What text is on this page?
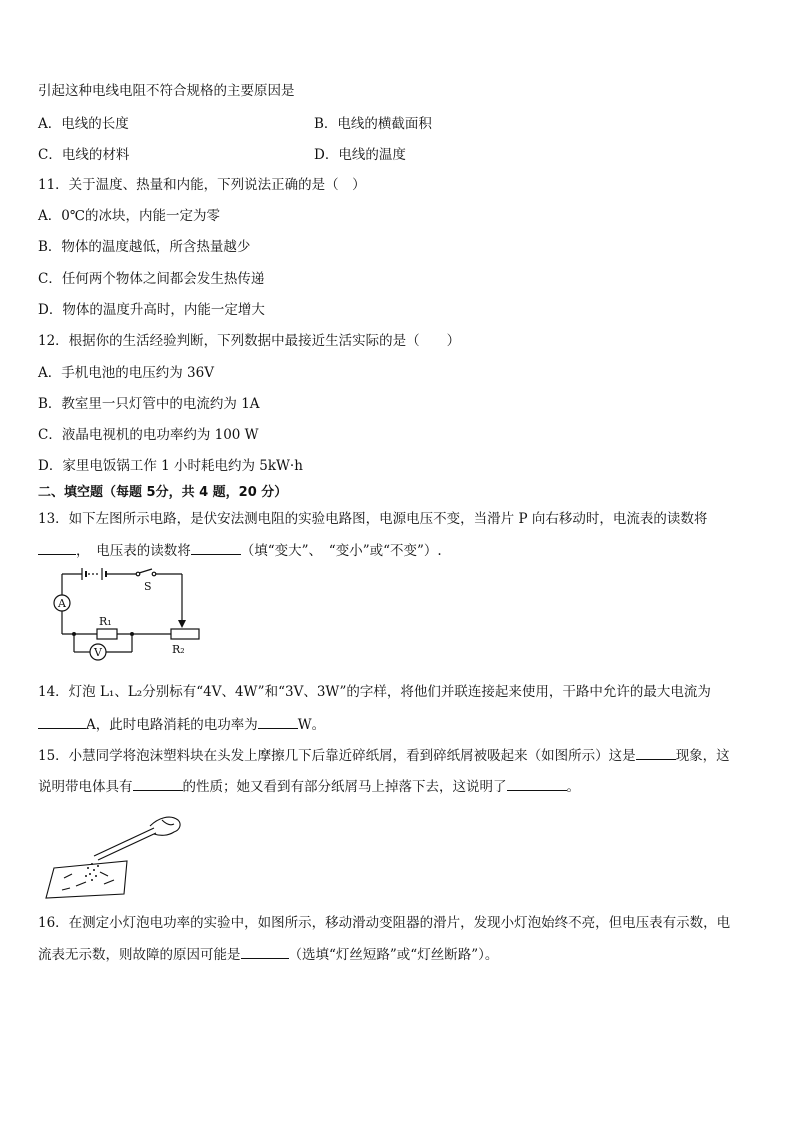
引起这种电线电阻不符合规格的主要原因是
A．电线的长度	B．电线的横截面积
C．电线的材料	D．电线的温度
11．关于温度、热量和内能，下列说法正确的是（　）
A．0℃的冰块，内能一定为零
B．物体的温度越低，所含热量越少
C．任何两个物体之间都会发生热传递
D．物体的温度升高时，内能一定增大
12．根据你的生活经验判断，下列数据中最接近生活实际的是（　　）
A．手机电池的电压约为 36V
B．教室里一只灯管中的电流约为 1A
C．液晶电视机的电功率约为 100 W
D．家里电饭锅工作 1 小时耗电约为 5kW·h
二、填空题（每题 5分，共 4 题，20 分）
13．如下左图所示电路，是伏安法测电阻的实验电路图，电源电压不变，当滑片 P 向右移动时，电流表的读数将
，　电压表的读数将	（填“变大”、　“变小”或“不变”）.
S
A
V
R₁
R₂
14．灯泡 L₁、L₂分别标有“4V、4W”和“3V、3W”的字样，将他们并联连接起来使用，干路中允许的最大电流为
A，此时电路消耗的电功率为	W。
15．小慧同学将泡沫塑料块在头发上摩擦几下后靠近碎纸屑，看到碎纸屑被吸起来（如图所示）这是	现象，这
说明带电体具有	的性质；她又看到有部分纸屑马上掉落下去，这说明了	。
16．在测定小灯泡电功率的实验中，如图所示，移动滑动变阻器的滑片，发现小灯泡始终不亮，但电压表有示数，电
流表无示数，则故障的原因可能是	（选填“灯丝短路”或“灯丝断路”）。
